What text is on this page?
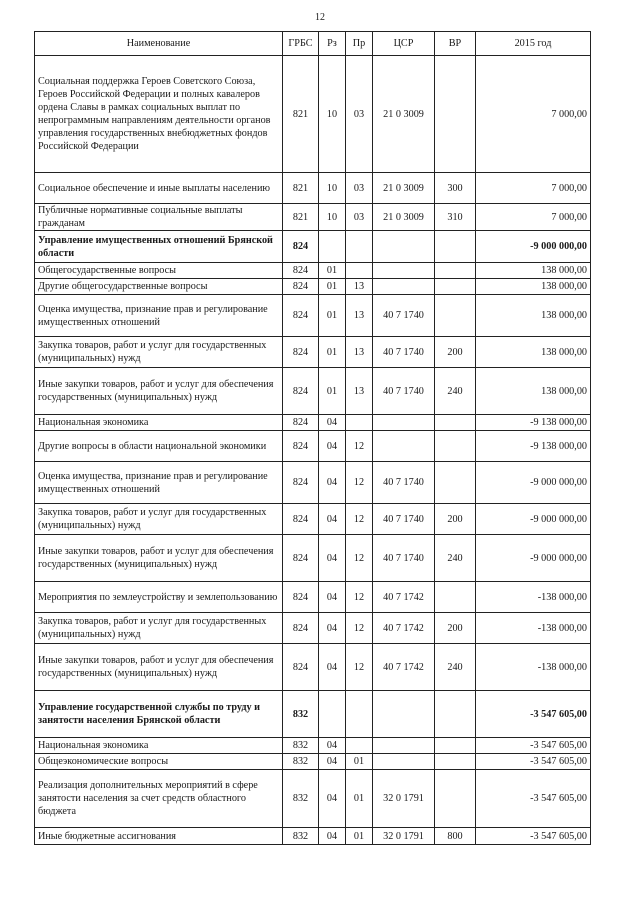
12
Наименование	ГРБС	Рз	Пр	ЦСР	ВР	2015 год
Социальная поддержка Героев Советского Союза, Героев Российской Федерации и полных кавалеров ордена Славы в рамках социальных выплат по непрограммным направлениям деятельности органов управления государственных внебюджетных фондов Российской Федерации	821	10	03	21 0 3009		7 000,00
Социальное обеспечение и иные выплаты населению	821	10	03	21 0 3009	300	7 000,00
Публичные нормативные социальные выплаты гражданам	821	10	03	21 0 3009	310	7 000,00
Управление имущественных отношений Брянской области	824					-9 000 000,00
Общегосударственные вопросы	824	01				138 000,00
Другие общегосударственные вопросы	824	01	13			138 000,00
Оценка имущества, признание прав и регулирование имущественных отношений	824	01	13	40 7 1740		138 000,00
Закупка товаров, работ и услуг для государственных (муниципальных) нужд	824	01	13	40 7 1740	200	138 000,00
Иные закупки товаров, работ и услуг для обеспечения государственных (муниципальных) нужд	824	01	13	40 7 1740	240	138 000,00
Национальная экономика	824	04				-9 138 000,00
Другие вопросы в области национальной экономики	824	04	12			-9 138 000,00
Оценка имущества, признание прав и регулирование имущественных отношений	824	04	12	40 7 1740		-9 000 000,00
Закупка товаров, работ и услуг для государственных (муниципальных) нужд	824	04	12	40 7 1740	200	-9 000 000,00
Иные закупки товаров, работ и услуг для обеспечения государственных (муниципальных) нужд	824	04	12	40 7 1740	240	-9 000 000,00
Мероприятия по землеустройству и землепользованию	824	04	12	40 7 1742		-138 000,00
Закупка товаров, работ и услуг для государственных (муниципальных) нужд	824	04	12	40 7 1742	200	-138 000,00
Иные закупки товаров, работ и услуг для обеспечения государственных (муниципальных) нужд	824	04	12	40 7 1742	240	-138 000,00
Управление государственной службы по труду и занятости населения Брянской области	832					-3 547 605,00
Национальная экономика	832	04				-3 547 605,00
Общеэкономические вопросы	832	04	01			-3 547 605,00
Реализация дополнительных мероприятий в сфере занятости населения за счет средств областного бюджета	832	04	01	32 0 1791		-3 547 605,00
Иные бюджетные ассигнования	832	04	01	32 0 1791	800	-3 547 605,00
